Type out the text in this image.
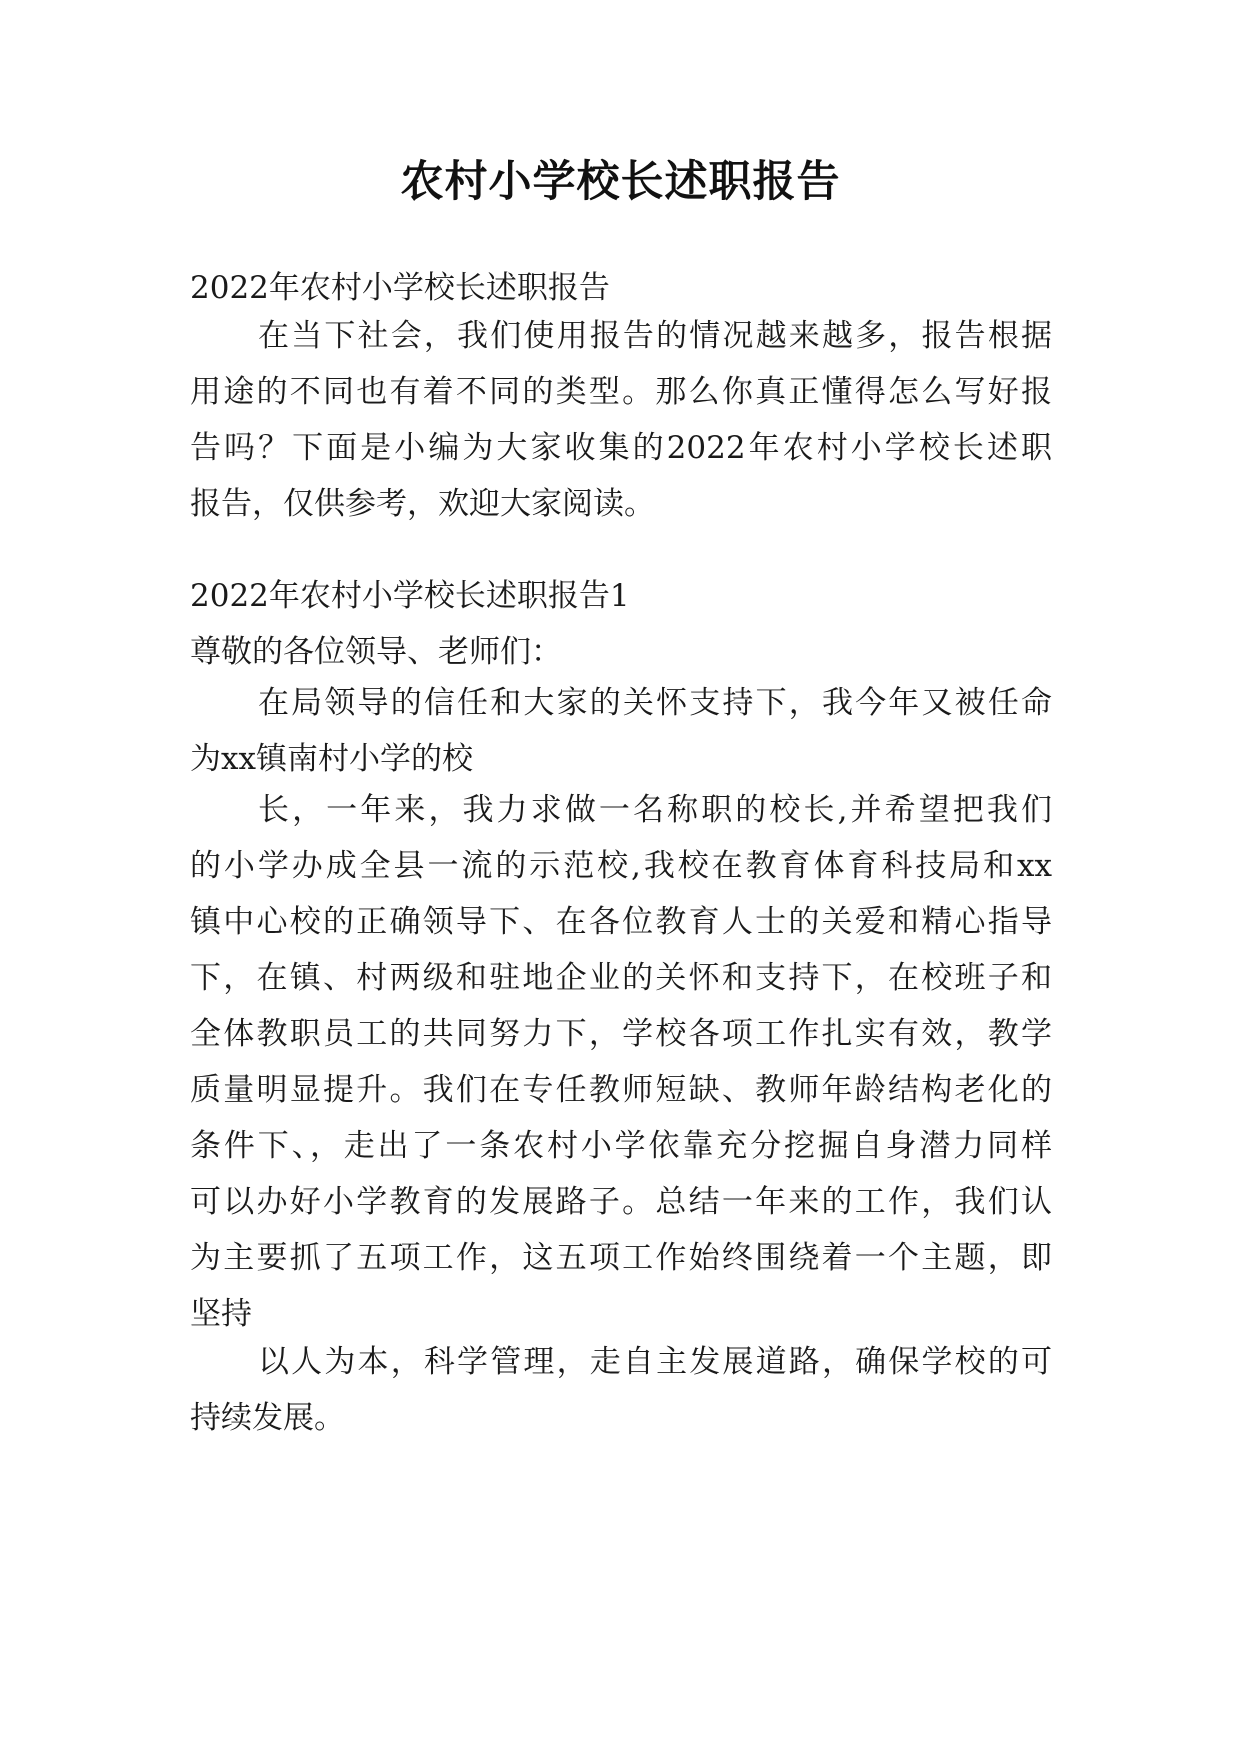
农村小学校长述职报告
2022年农村小学校长述职报告
在当下社会，我们使用报告的情况越来越多，报告根据
用途的不同也有着不同的类型。那么你真正懂得怎么写好报
告吗？下面是小编为大家收集的2022年农村小学校长述职
报告，仅供参考，欢迎大家阅读。
2022年农村小学校长述职报告1
尊敬的各位领导、老师们：
在局领导的信任和大家的关怀支持下，我今年又被任命
为xx镇南村小学的校
长，一年来，我力求做一名称职的校长,并希望把我们
的小学办成全县一流的示范校,我校在教育体育科技局和xx
镇中心校的正确领导下、在各位教育人士的关爱和精心指导
下，在镇、村两级和驻地企业的关怀和支持下，在校班子和
全体教职员工的共同努力下，学校各项工作扎实有效，教学
质量明显提升。我们在专任教师短缺、教师年龄结构老化的
条件下、，走出了一条农村小学依靠充分挖掘自身潜力同样
可以办好小学教育的发展路子。总结一年来的工作，我们认
为主要抓了五项工作，这五项工作始终围绕着一个主题，即
坚持
以人为本，科学管理，走自主发展道路，确保学校的可
持续发展。
